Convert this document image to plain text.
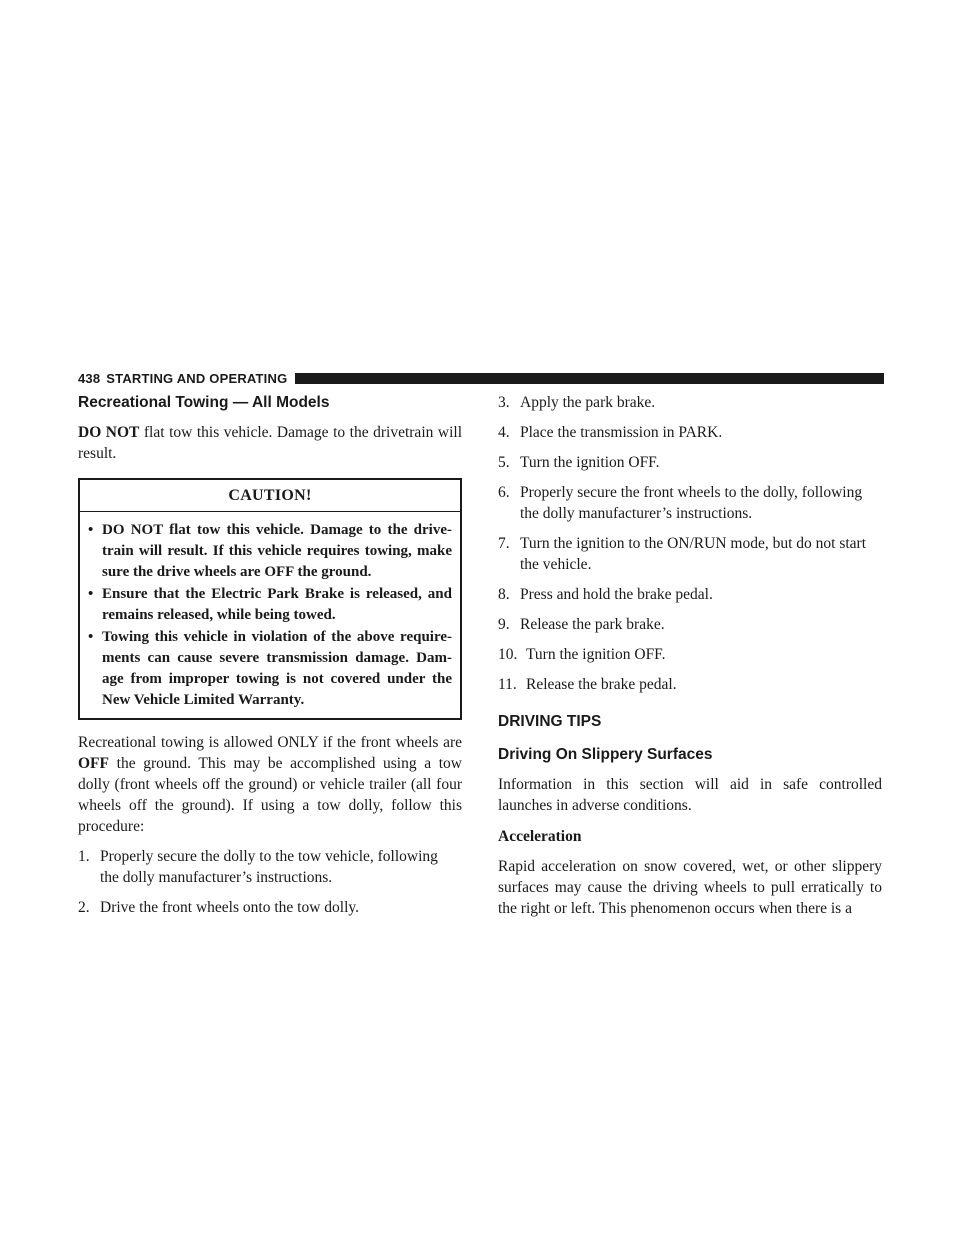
438 STARTING AND OPERATING
Recreational Towing — All Models

DO NOT flat tow this vehicle. Damage to the drivetrain will result.

CAUTION!
• DO NOT flat tow this vehicle. Damage to the drive-train will result. If this vehicle requires towing, make sure the drive wheels are OFF the ground.
• Ensure that the Electric Park Brake is released, and remains released, while being towed.
• Towing this vehicle in violation of the above require-ments can cause severe transmission damage. Dam-age from improper towing is not covered under the New Vehicle Limited Warranty.

Recreational towing is allowed ONLY if the front wheels are OFF the ground. This may be accomplished using a tow dolly (front wheels off the ground) or vehicle trailer (all four wheels off the ground). If using a tow dolly, follow this procedure:

1. Properly secure the dolly to the tow vehicle, following
the dolly manufacturer’s instructions.
2. Drive the front wheels onto the tow dolly.
3. Apply the park brake.
4. Place the transmission in PARK.
5. Turn the ignition OFF.
6. Properly secure the front wheels to the dolly, following
the dolly manufacturer’s instructions.
7. Turn the ignition to the ON/RUN mode, but do not start
the vehicle.
8. Press and hold the brake pedal.
9. Release the park brake.
10. Turn the ignition OFF.
11. Release the brake pedal.
DRIVING TIPS
Driving On Slippery Surfaces

Information in this section will aid in safe controlled launches in adverse conditions.

Acceleration

Rapid acceleration on snow covered, wet, or other slippery surfaces may cause the driving wheels to pull erratically to the right or left. This phenomenon occurs when there is a
